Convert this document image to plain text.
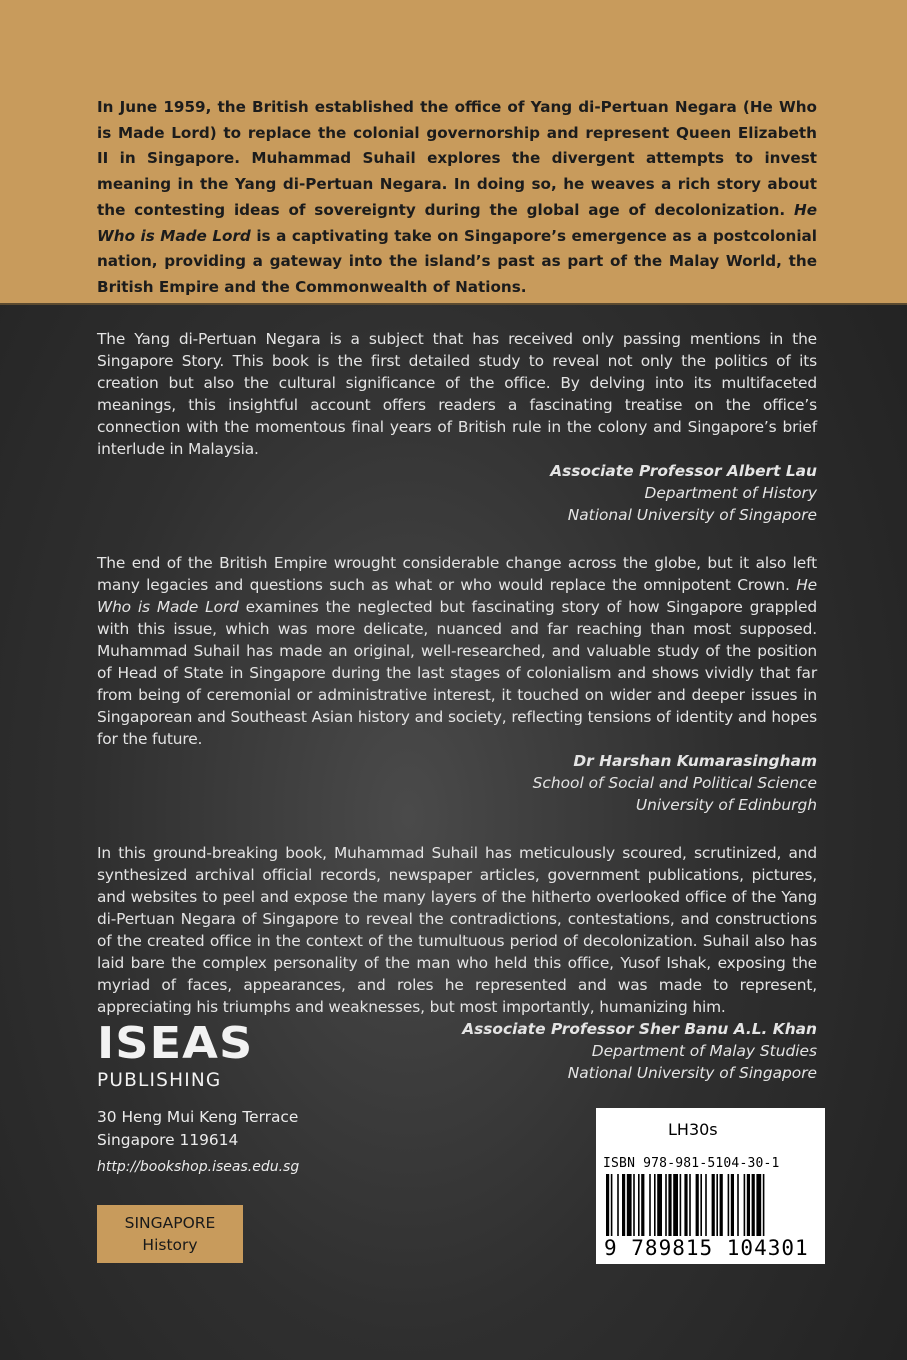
In June 1959, the British established the office of Yang di-Pertuan Negara (He Who is Made Lord) to replace the colonial governorship and represent Queen Elizabeth II in Singapore. Muhammad Suhail explores the divergent attempts to invest meaning in the Yang di-Pertuan Negara. In doing so, he weaves a rich story about the contesting ideas of sovereignty during the global age of decolonization. He Who is Made Lord is a captivating take on Singapore’s emergence as a postcolonial nation, providing a gateway into the island’s past as part of the Malay World, the British Empire and the Commonwealth of Nations.

The Yang di-Pertuan Negara is a subject that has received only passing mentions in the Singapore Story. This book is the first detailed study to reveal not only the politics of its creation but also the cultural significance of the office. By delving into its multifaceted meanings, this insightful account offers readers a fascinating treatise on the office’s connection with the momentous final years of British rule in the colony and Singapore’s brief interlude in Malaysia.

Associate Professor Albert Lau
Department of History
National University of Singapore

The end of the British Empire wrought considerable change across the globe, but it also left many legacies and questions such as what or who would replace the omnipotent Crown. He Who is Made Lord examines the neglected but fascinating story of how Singapore grappled with this issue, which was more delicate, nuanced and far reaching than most supposed. Muhammad Suhail has made an original, well-researched, and valuable study of the position of Head of State in Singapore during the last stages of colonialism and shows vividly that far from being of ceremonial or administrative interest, it touched on wider and deeper issues in Singaporean and Southeast Asian history and society, reflecting tensions of identity and hopes for the future.

Dr Harshan Kumarasingham
School of Social and Political Science
University of Edinburgh

In this ground-breaking book, Muhammad Suhail has meticulously scoured, scrutinized, and synthesized archival official records, newspaper articles, government publications, pictures, and websites to peel and expose the many layers of the hitherto overlooked office of the Yang di-Pertuan Negara of Singapore to reveal the contradictions, contestations, and constructions of the created office in the context of the tumultuous period of decolonization. Suhail also has laid bare the complex personality of the man who held this office, Yusof Ishak, exposing the myriad of faces, appearances, and roles he represented and was made to represent, appreciating his triumphs and weaknesses, but most importantly, humanizing him.

Associate Professor Sher Banu A.L. Khan
Department of Malay Studies
National University of Singapore
ISEAS
PUBLISHING
30 Heng Mui Keng Terrace
Singapore 119614
http://bookshop.iseas.edu.sg
SINGAPORE
History
LH30s
ISBN 978-981-5104-30-1
9 789815 104301
